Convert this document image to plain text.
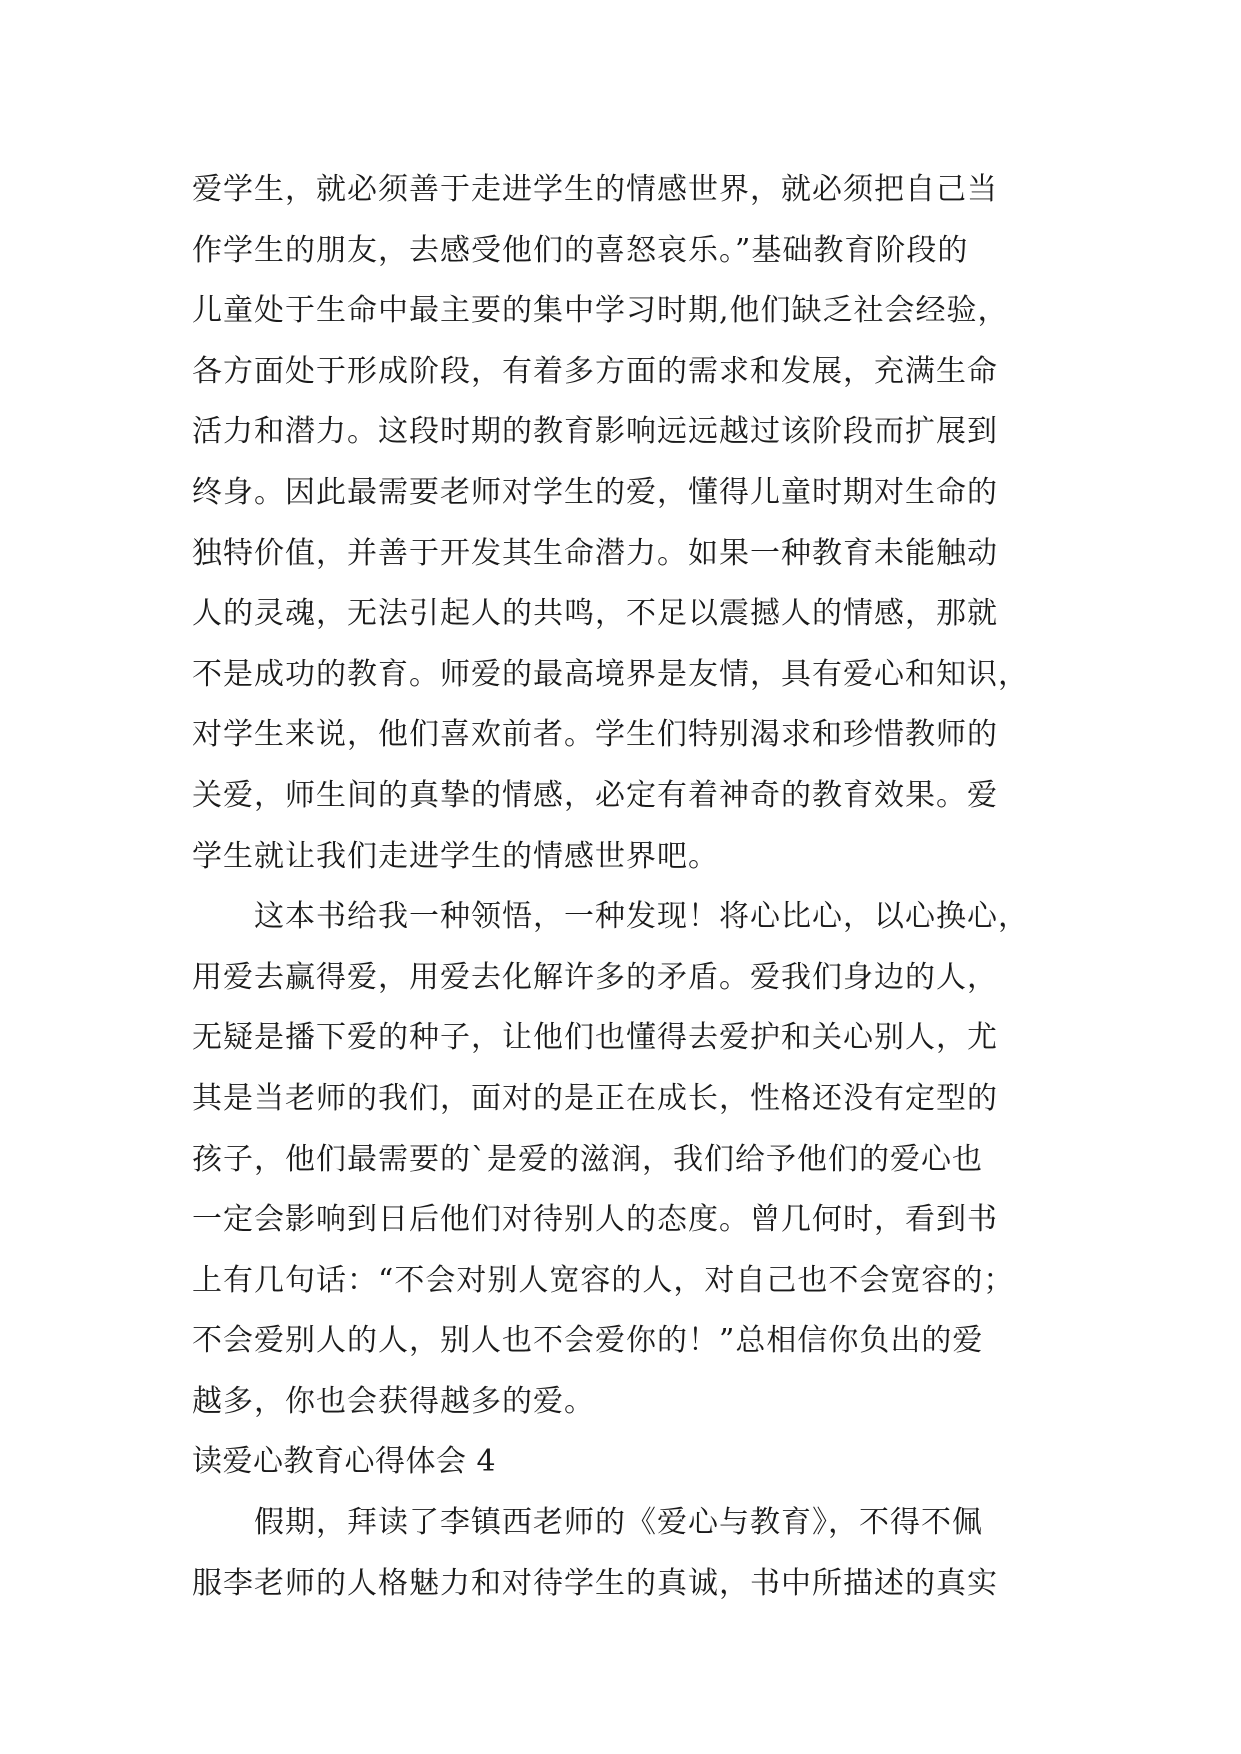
爱学生，就必须善于走进学生的情感世界，就必须把自己当
作学生的朋友，去感受他们的喜怒哀乐。”基础教育阶段的
儿童处于生命中最主要的集中学习时期,他们缺乏社会经验，
各方面处于形成阶段，有着多方面的需求和发展，充满生命
活力和潜力。这段时期的教育影响远远越过该阶段而扩展到
终身。因此最需要老师对学生的爱，懂得儿童时期对生命的
独特价值，并善于开发其生命潜力。如果一种教育未能触动
人的灵魂，无法引起人的共鸣，不足以震撼人的情感，那就
不是成功的教育。师爱的最高境界是友情，具有爱心和知识，
对学生来说，他们喜欢前者。学生们特别渴求和珍惜教师的
关爱，师生间的真挚的情感，必定有着神奇的教育效果。爱
学生就让我们走进学生的情感世界吧。
　　这本书给我一种领悟，一种发现！将心比心，以心换心，
用爱去赢得爱，用爱去化解许多的矛盾。爱我们身边的人，
无疑是播下爱的种子，让他们也懂得去爱护和关心别人，尤
其是当老师的我们，面对的是正在成长，性格还没有定型的
孩子，他们最需要的`是爱的滋润，我们给予他们的爱心也
一定会影响到日后他们对待别人的态度。曾几何时，看到书
上有几句话：“不会对别人宽容的人，对自己也不会宽容的；
不会爱别人的人，别人也不会爱你的！”总相信你负出的爱
越多，你也会获得越多的爱。
读爱心教育心得体会 4
　　假期，拜读了李镇西老师的《爱心与教育》，不得不佩
服李老师的人格魅力和对待学生的真诚，书中所描述的真实
